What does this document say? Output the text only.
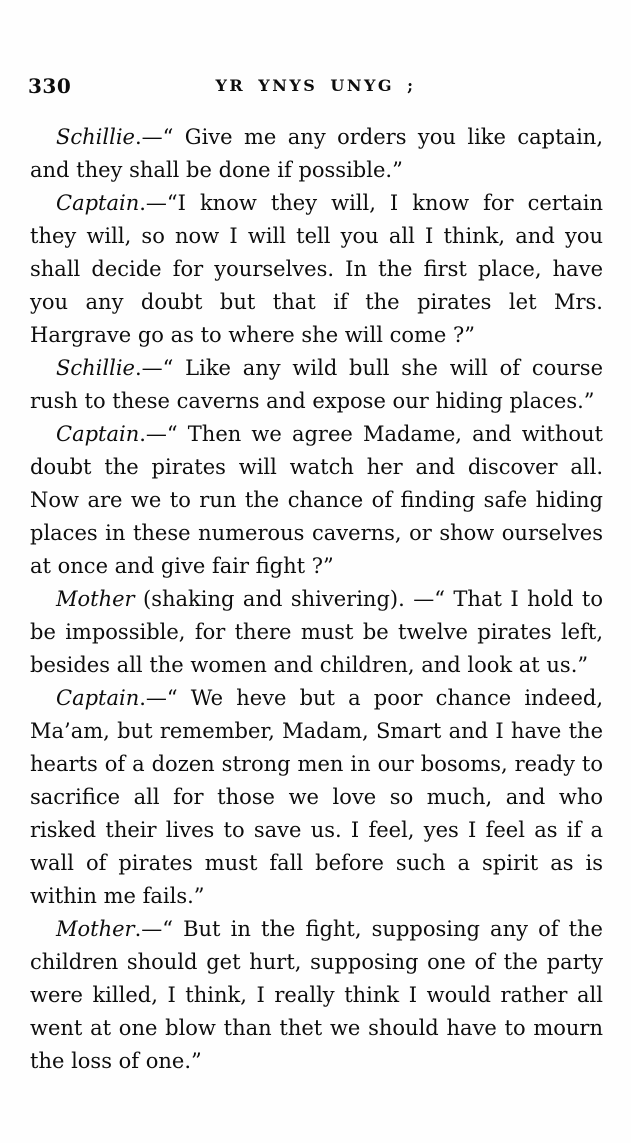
330	YR YNYS UNYG ;

Schillie.—“ Give me any orders you like captain, and they shall be done if possible.”

Captain.—“I know they will, I know for certain they will, so now I will tell you all I think, and you shall decide for yourselves. In the first place, have you any doubt but that if the pirates let Mrs. Hargrave go as to where she will come ?”

Schillie.—“ Like any wild bull she will of course rush to these caverns and expose our hiding places.”

Captain.—“ Then we agree Madame, and without doubt the pirates will watch her and discover all. Now are we to run the chance of finding safe hiding places in these numerous caverns, or show ourselves at once and give fair fight ?”

Mother (shaking and shivering). —“ That I hold to be impossible, for there must be twelve pirates left, besides all the women and children, and look at us.”

Captain.—“ We heve but a poor chance indeed, Ma’am, but remember, Madam, Smart and I have the hearts of a dozen strong men in our bosoms, ready to sacrifice all for those we love so much, and who risked their lives to save us. I feel, yes I feel as if a wall of pirates must fall before such a spirit as is within me fails.”

Mother.—“ But in the fight, supposing any of the children should get hurt, supposing one of the party were killed, I think, I really think I would rather all went at one blow than thet we should have to mourn the loss of one.”
